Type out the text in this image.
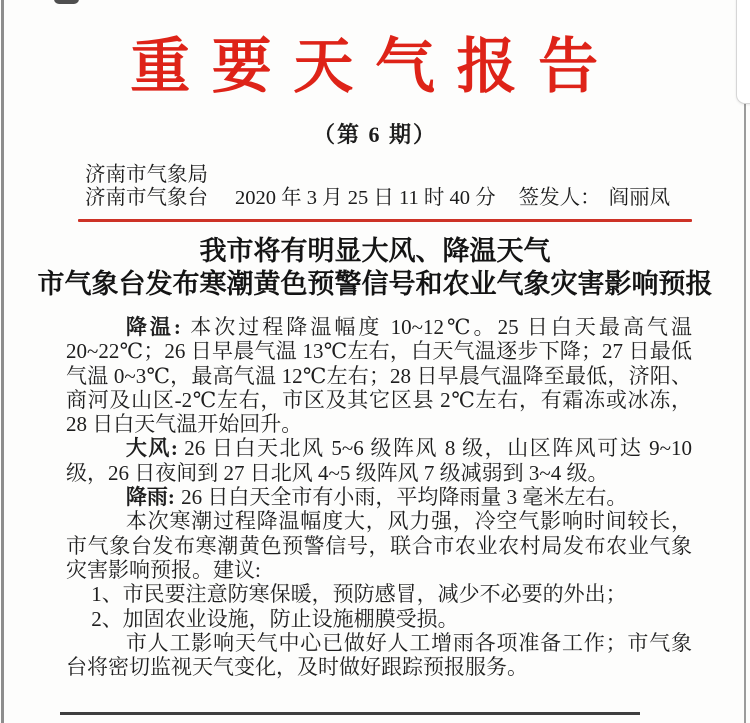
重要天气报告
（第 6 期）
济南市气象局
济南市气象台 2020 年 3 月 25 日 11 时 40 分 签发人： 阎丽凤
我市将有明显大风、降温天气
市气象台发布寒潮黄色预警信号和农业气象灾害影响预报

降温: 本次过程降温幅度 10~12℃。25 日白天最高气温 20~22℃；26 日早晨气温 13℃左右，白天气温逐步下降；27 日最低气温 0~3℃，最高气温 12℃左右；28 日早晨气温降至最低，济阳、商河及山区-2℃左右，市区及其它区县 2℃左右，有霜冻或冰冻，28 日白天气温开始回升。

大风: 26 日白天北风 5~6 级阵风 8 级，山区阵风可达 9~10 级，26 日夜间到 27 日北风 4~5 级阵风 7 级减弱到 3~4 级。

降雨: 26 日白天全市有小雨，平均降雨量 3 毫米左右。

本次寒潮过程降温幅度大，风力强，冷空气影响时间较长，市气象台发布寒潮黄色预警信号，联合市农业农村局发布农业气象灾害影响预报。建议:

1、市民要注意防寒保暖，预防感冒，减少不必要的外出；

2、加固农业设施，防止设施棚膜受损。

市人工影响天气中心已做好人工增雨各项准备工作；市气象台将密切监视天气变化，及时做好跟踪预报服务。
